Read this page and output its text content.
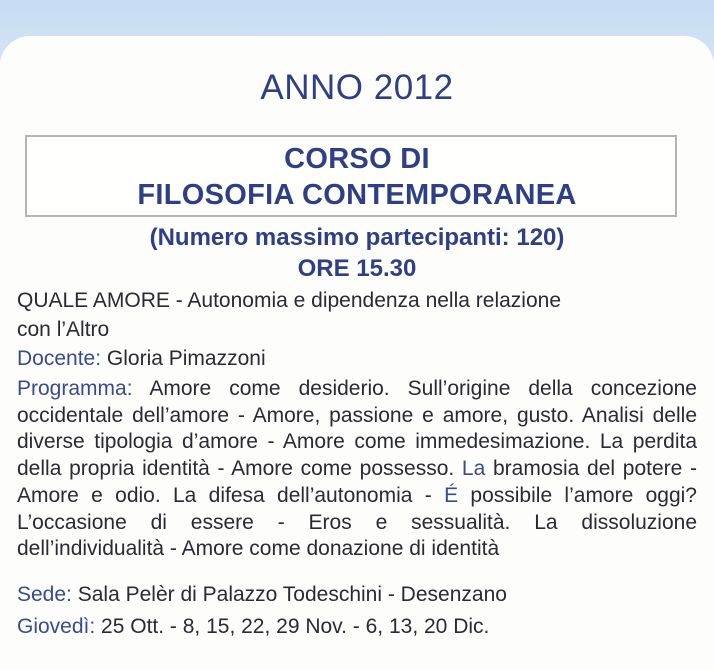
ANNO 2012
CORSO DI
FILOSOFIA CONTEMPORANEA
(Numero massimo partecipanti: 120)
ORE 15.30
QUALE AMORE - Autonomia e dipendenza nella relazione
con l’Altro
Docente: Gloria Pimazzoni
Programma: Amore come desiderio. Sull’origine della concezione occidentale dell’amore - Amore, passione e amore, gusto. Analisi delle diverse tipologia d’amore - Amore come immedesimazione. La perdita della propria identità - Amore come possesso. La bramosia del potere - Amore e odio. La difesa dell’autonomia - É possibile l’amore oggi? L’occasione di essere - Eros e sessualità. La dissoluzione dell’individualità - Amore come donazione di identità
Sede: Sala Pelèr di Palazzo Todeschini - Desenzano
Giovedì: 25 Ott. - 8, 15, 22, 29 Nov. - 6, 13, 20 Dic.
